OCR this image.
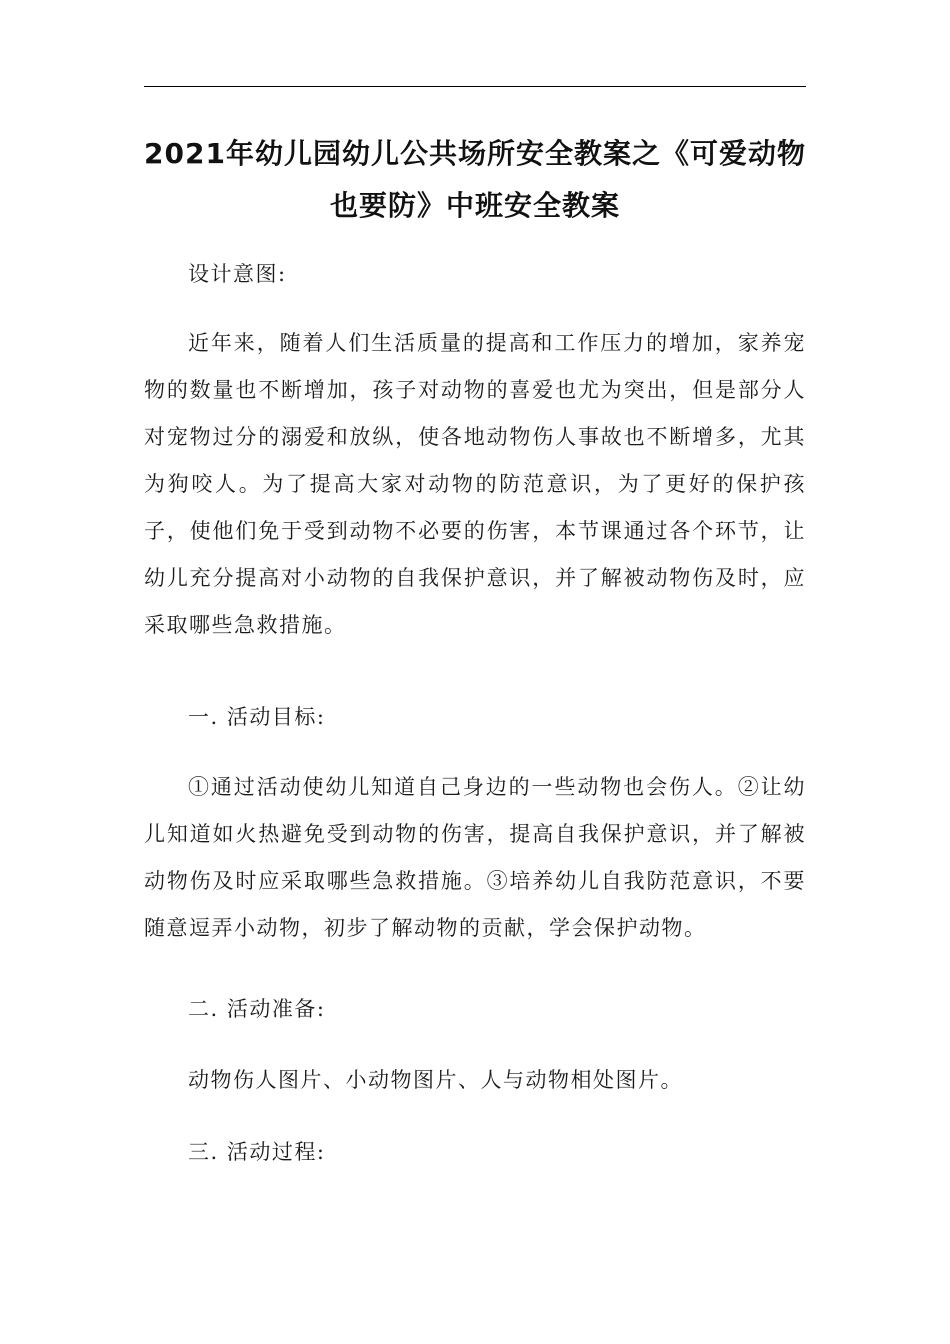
2021年幼儿园幼儿公共场所安全教案之《可爱动物也要防》中班安全教案

设计意图:

近年来，随着人们生活质量的提高和工作压力的增加，家养宠物的数量也不断增加，孩子对动物的喜爱也尤为突出，但是部分人对宠物过分的溺爱和放纵，使各地动物伤人事故也不断增多，尤其为狗咬人。为了提高大家对动物的防范意识，为了更好的保护孩子，使他们免于受到动物不必要的伤害，本节课通过各个环节，让幼儿充分提高对小动物的自我保护意识，并了解被动物伤及时，应采取哪些急救措施。

一. 活动目标:

①通过活动使幼儿知道自己身边的一些动物也会伤人。②让幼儿知道如火热避免受到动物的伤害，提高自我保护意识，并了解被动物伤及时应采取哪些急救措施。③培养幼儿自我防范意识，不要随意逗弄小动物，初步了解动物的贡献，学会保护动物。

二. 活动准备:

动物伤人图片、小动物图片、人与动物相处图片。

三. 活动过程:
